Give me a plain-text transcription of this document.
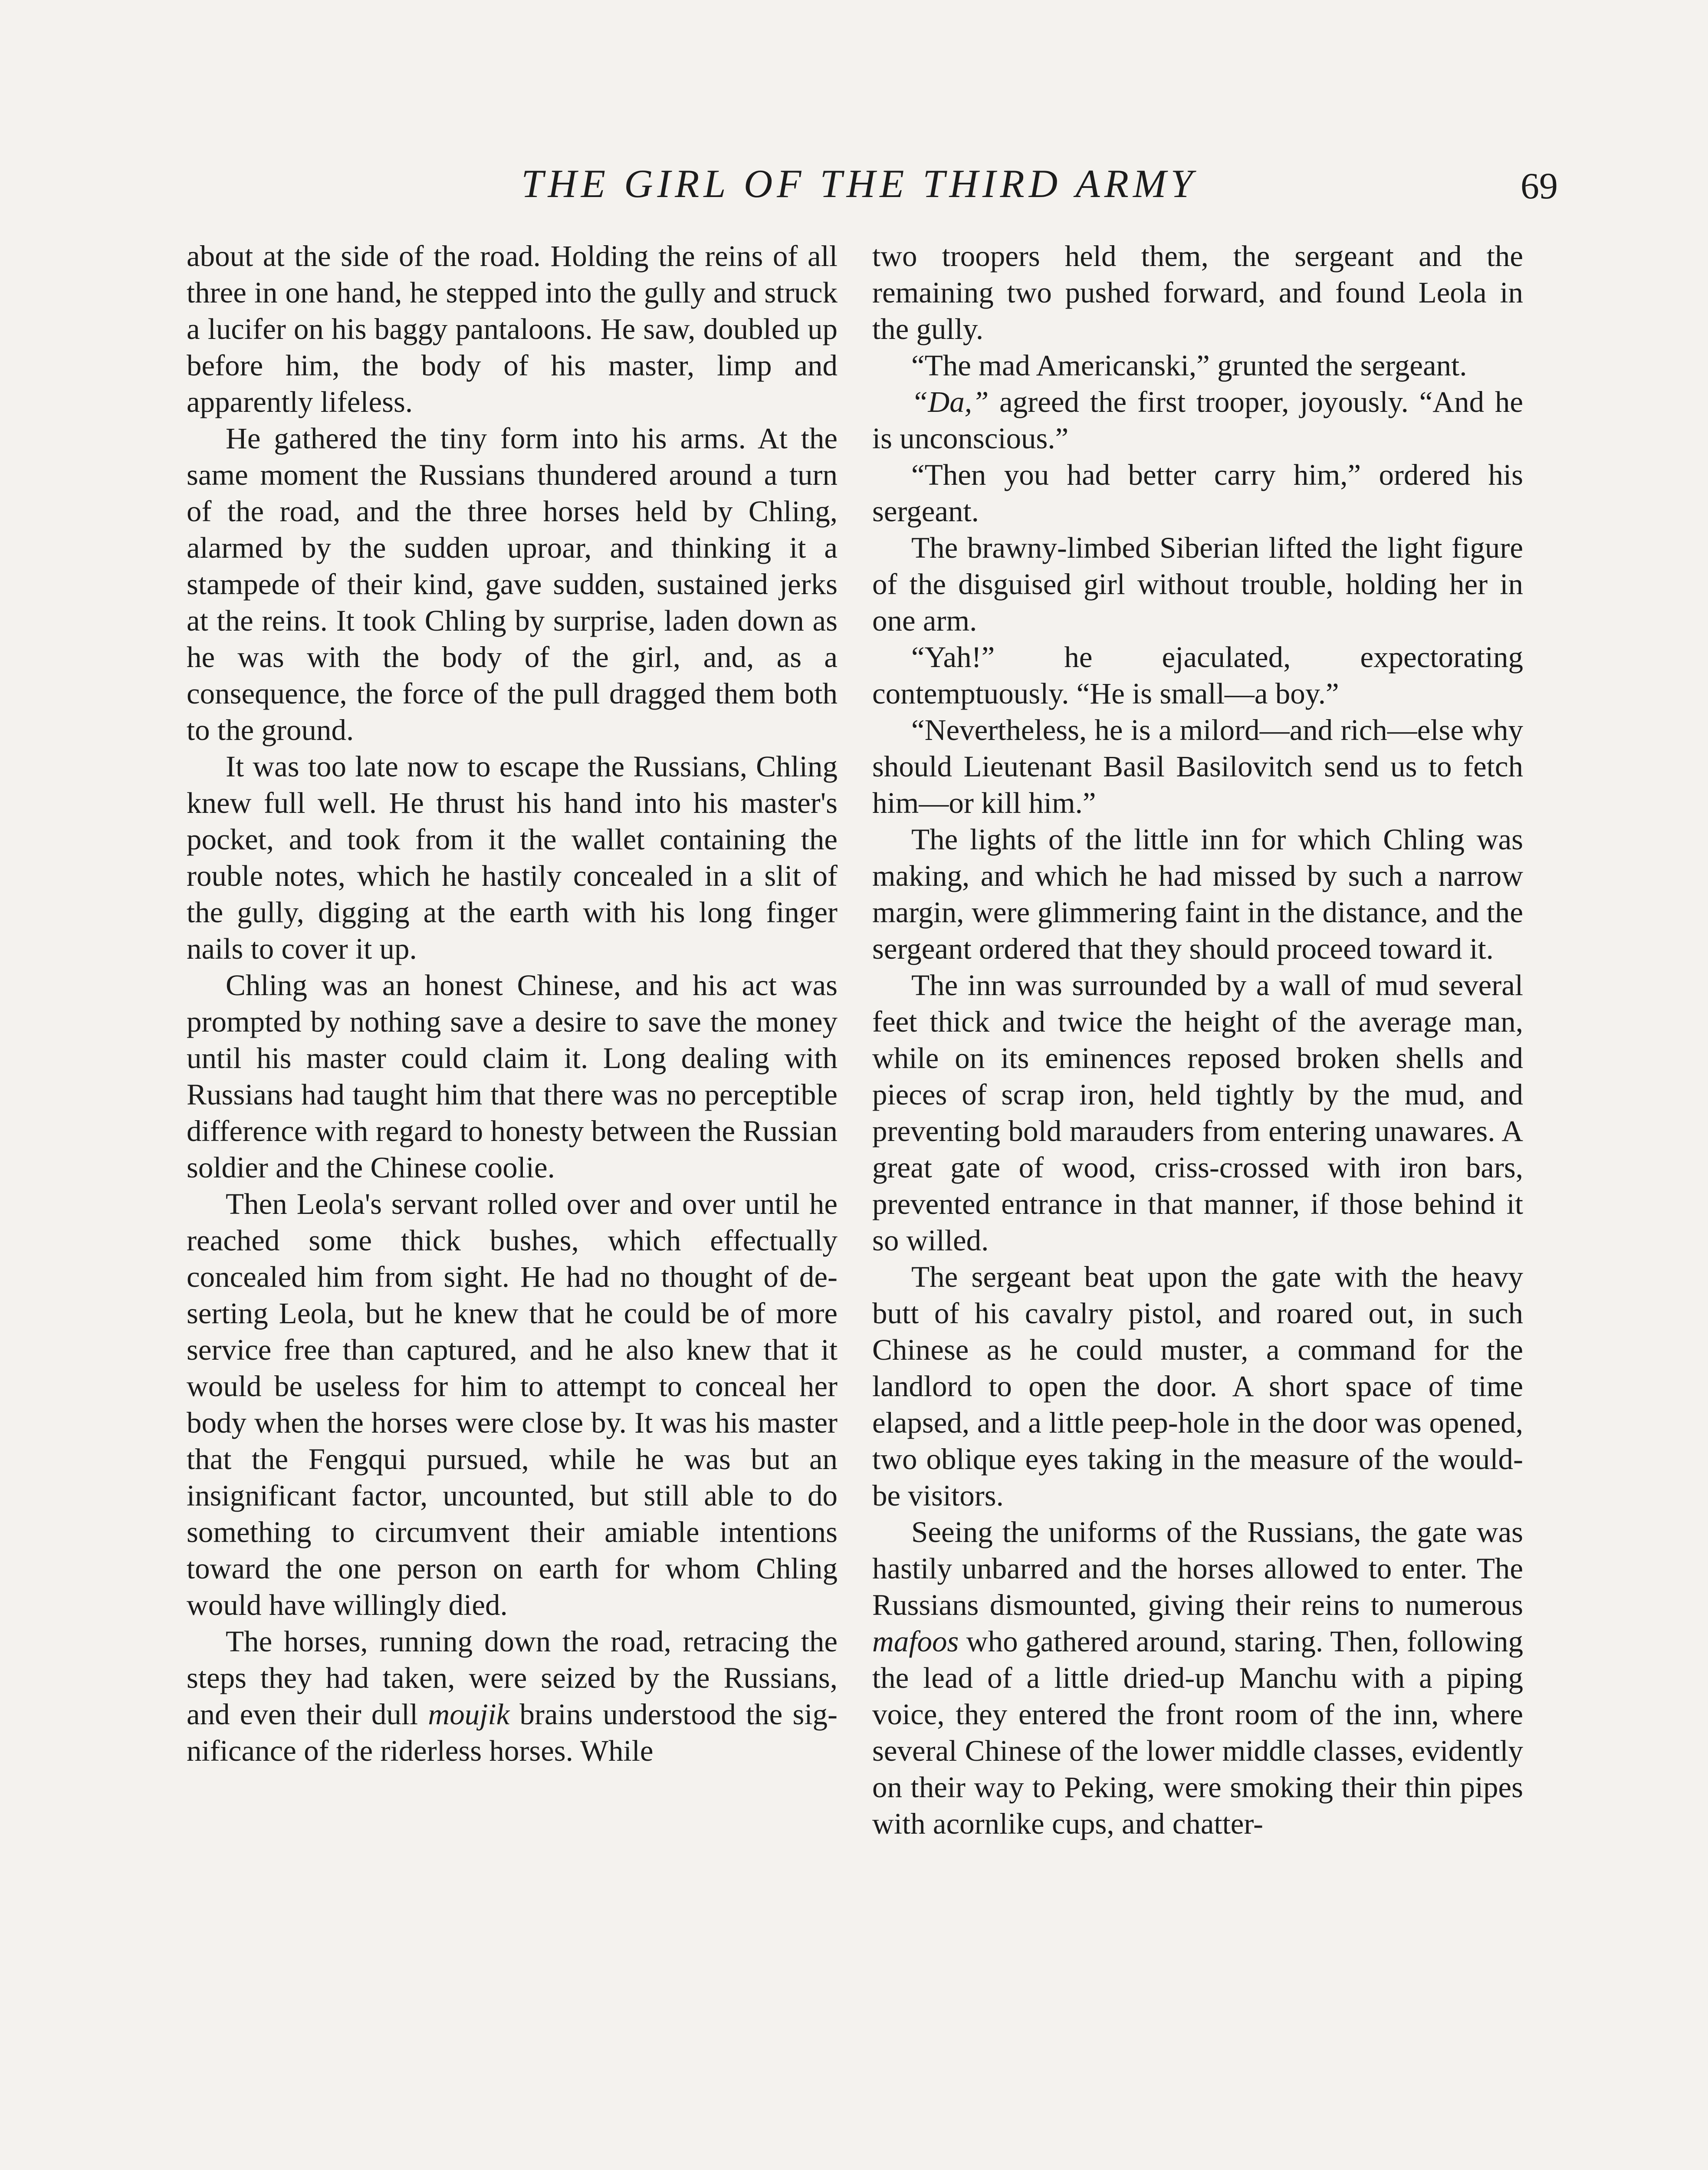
THE GIRL OF THE THIRD ARMY	69

about at the side of the road. Holding the reins of all three in one hand, he stepped into the gully and struck a lucifer on his baggy pantaloons. He saw, doubled up before him, the body of his master, limp and apparently lifeless.

He gathered the tiny form into his arms. At the same moment the Russians thundered around a turn of the road, and the three horses held by Chling, alarmed by the sudden uproar, and thinking it a stampede of their kind, gave sudden, sustained jerks at the reins. It took Chling by surprise, laden down as he was with the body of the girl, and, as a consequence, the force of the pull dragged them both to the ground.

It was too late now to escape the Russians, Chling knew full well. He thrust his hand into his master's pocket, and took from it the wallet containing the rouble notes, which he hastily concealed in a slit of the gully, digging at the earth with his long finger nails to cover it up.

Chling was an honest Chinese, and his act was prompted by nothing save a desire to save the money until his master could claim it. Long dealing with Russians had taught him that there was no perceptible difference with regard to honesty between the Russian soldier and the Chinese coolie.

Then Leola's servant rolled over and over until he reached some thick bushes, which effectually concealed him from sight. He had no thought of deserting Leola, but he knew that he could be of more service free than captured, and he also knew that it would be useless for him to attempt to conceal her body when the horses were close by. It was his master that the Fengqui pursued, while he was but an insignificant factor, uncounted, but still able to do something to circumvent their amiable intentions toward the one person on earth for whom Chling would have willingly died.

The horses, running down the road, retracing the steps they had taken, were seized by the Russians, and even their dull moujik brains understood the significance of the riderless horses. While

two troopers held them, the sergeant and the remaining two pushed forward, and found Leola in the gully.

“The mad Americanski,” grunted the sergeant.

“Da,” agreed the first trooper, joyously. “And he is unconscious.”

“Then you had better carry him,” ordered his sergeant.

The brawny-limbed Siberian lifted the light figure of the disguised girl without trouble, holding her in one arm.

“Yah!” he ejaculated, expectorating contemptuously. “He is small—a boy.”

“Nevertheless, he is a milord—and rich—else why should Lieutenant Basil Basilovitch send us to fetch him—or kill him.”

The lights of the little inn for which Chling was making, and which he had missed by such a narrow margin, were glimmering faint in the distance, and the sergeant ordered that they should proceed toward it.

The inn was surrounded by a wall of mud several feet thick and twice the height of the average man, while on its eminences reposed broken shells and pieces of scrap iron, held tightly by the mud, and preventing bold marauders from entering unawares. A great gate of wood, criss-crossed with iron bars, prevented entrance in that manner, if those behind it so willed.

The sergeant beat upon the gate with the heavy butt of his cavalry pistol, and roared out, in such Chinese as he could muster, a command for the landlord to open the door. A short space of time elapsed, and a little peep-hole in the door was opened, two oblique eyes taking in the measure of the would-be visitors.

Seeing the uniforms of the Russians, the gate was hastily unbarred and the horses allowed to enter. The Russians dismounted, giving their reins to numerous mafoos who gathered around, staring. Then, following the lead of a little dried-up Manchu with a piping voice, they entered the front room of the inn, where several Chinese of the lower middle classes, evidently on their way to Peking, were smoking their thin pipes with acornlike cups, and chatter-
